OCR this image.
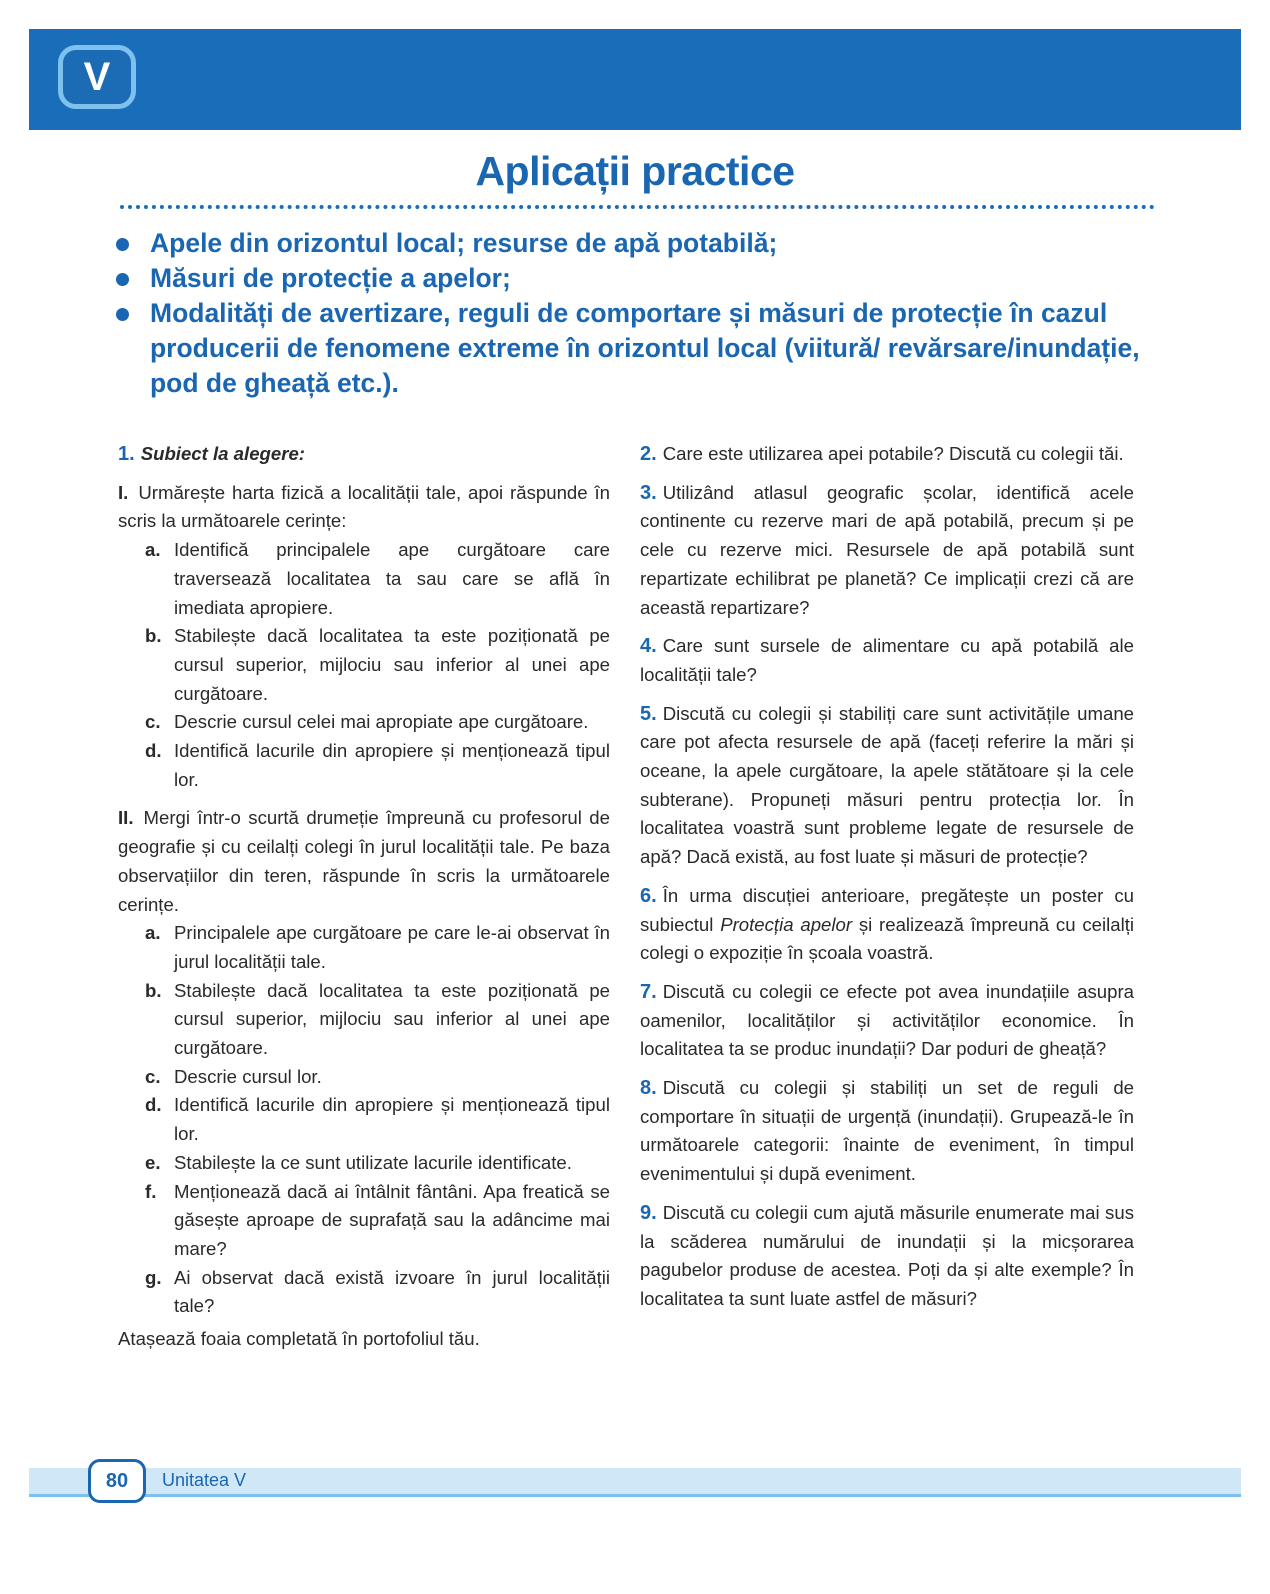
V
Aplicații practice
Apele din orizontul local; resurse de apă potabilă;
Măsuri de protecție a apelor;
Modalități de avertizare, reguli de comportare și măsuri de protecție în cazul producerii de fenomene extreme în orizontul local (viitură/ revărsare/inundație, pod de gheață etc.).

1. Subiect la alegere:

I. Urmărește harta fizică a localității tale, apoi răspunde în scris la următoarele cerințe:

a. Identifică principalele ape curgătoare care traversează localitatea ta sau care se află în imediata apropiere.
b. Stabilește dacă localitatea ta este poziționată pe cursul superior, mijlociu sau inferior al unei ape curgătoare.
c. Descrie cursul celei mai apropiate ape curgătoare.
d. Identifică lacurile din apropiere și menționează tipul lor.

II. Mergi într-o scurtă drumeție împreună cu profesorul de geografie și cu ceilalți colegi în jurul localității tale. Pe baza observațiilor din teren, răspunde în scris la următoarele cerințe.

a. Principalele ape curgătoare pe care le-ai observat în jurul localității tale.
b. Stabilește dacă localitatea ta este poziționată pe cursul superior, mijlociu sau inferior al unei ape curgătoare.
c. Descrie cursul lor.
d. Identifică lacurile din apropiere și menționează tipul lor.
e. Stabilește la ce sunt utilizate lacurile identificate.
f. Menționează dacă ai întâlnit fântâni. Apa freatică se găsește aproape de suprafață sau la adâncime mai mare?
g. Ai observat dacă există izvoare în jurul localității tale?

Atașează foaia completată în portofoliul tău.

2. Care este utilizarea apei potabile? Discută cu colegii tăi.

3. Utilizând atlasul geografic școlar, identifică acele continente cu rezerve mari de apă potabilă, precum și pe cele cu rezerve mici. Resursele de apă potabilă sunt repartizate echilibrat pe planetă? Ce implicații crezi că are această repartizare?

4. Care sunt sursele de alimentare cu apă potabilă ale localității tale?

5. Discută cu colegii și stabiliți care sunt activitățile umane care pot afecta resursele de apă (faceți referire la mări și oceane, la apele curgătoare, la apele stătătoare și la cele subterane). Propuneți măsuri pentru protecția lor. În localitatea voastră sunt probleme legate de resursele de apă? Dacă există, au fost luate și măsuri de protecție?

6. În urma discuției anterioare, pregătește un poster cu subiectul Protecția apelor și realizează împreună cu ceilalți colegi o expoziție în școala voastră.

7. Discută cu colegii ce efecte pot avea inundațiile asupra oamenilor, localităților și activităților economice. În localitatea ta se produc inundații? Dar poduri de gheață?

8. Discută cu colegii și stabiliți un set de reguli de comportare în situații de urgență (inundații). Grupează-le în următoarele categorii: înainte de eveniment, în timpul evenimentului și după eveniment.

9. Discută cu colegii cum ajută măsurile enumerate mai sus la scăderea numărului de inundații și la micșorarea pagubelor produse de acestea. Poți da și alte exemple? În localitatea ta sunt luate astfel de măsuri?

80 Unitatea V
